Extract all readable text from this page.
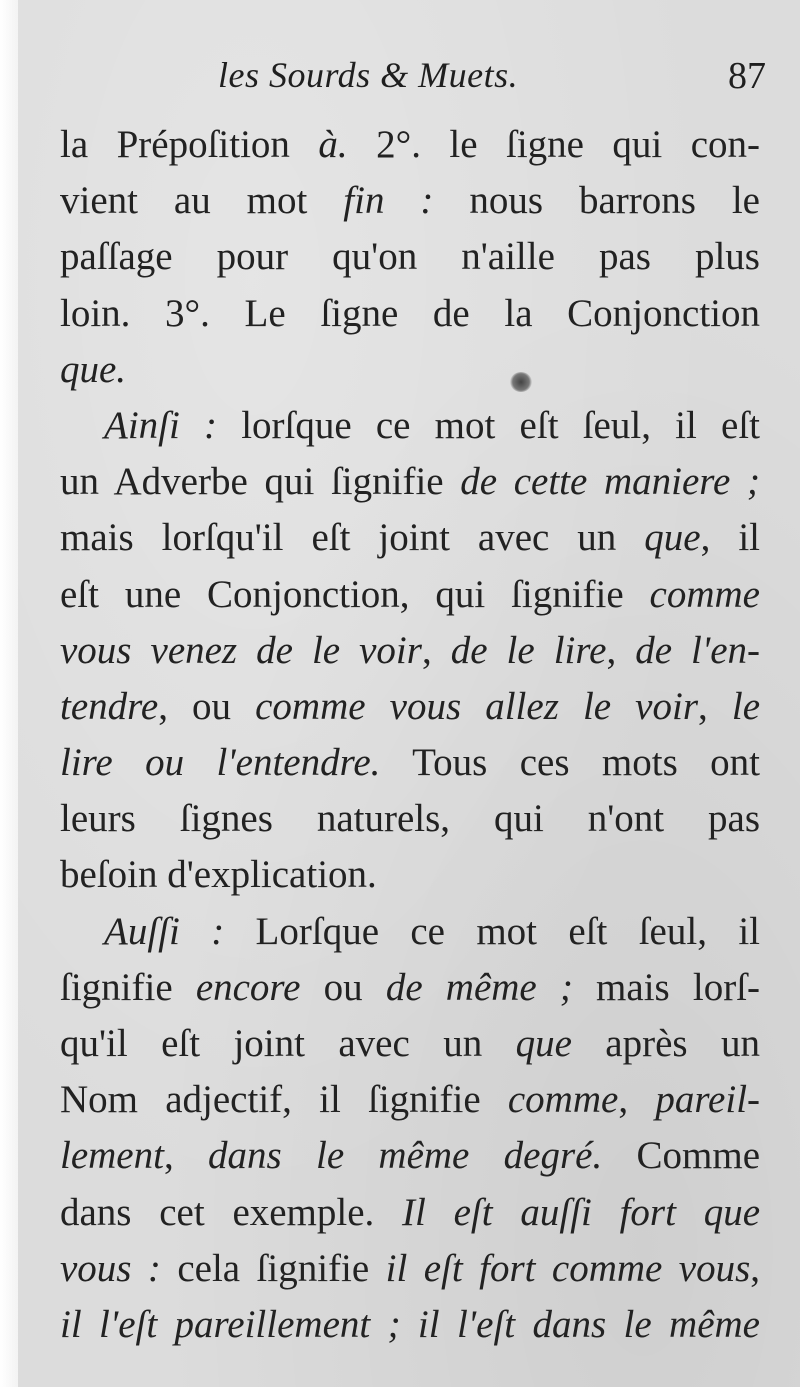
les Sourds & Muets.	87
la Prépoſition à. 2°. le ſigne qui con-
vient au mot fin : nous barrons le
paſſage pour qu'on n'aille pas plus
loin. 3°. Le ſigne de la Conjonction
que.
Ainſi : lorſque ce mot eſt ſeul, il eſt
un Adverbe qui ſignifie de cette maniere ;
mais lorſqu'il eſt joint avec un que, il
eſt une Conjonction, qui ſignifie comme
vous venez de le voir, de le lire, de l'en-
tendre, ou comme vous allez le voir, le
lire ou l'entendre. Tous ces mots ont
leurs ſignes naturels, qui n'ont pas
beſoin d'explication.
Auſſi : Lorſque ce mot eſt ſeul, il
ſignifie encore ou de même ; mais lorſ-
qu'il eſt joint avec un que après un
Nom adjectif, il ſignifie comme, pareil-
lement, dans le même degré. Comme
dans cet exemple. Il eſt auſſi fort que
vous : cela ſignifie il eſt fort comme vous,
il l'eſt pareillement ; il l'eſt dans le même
